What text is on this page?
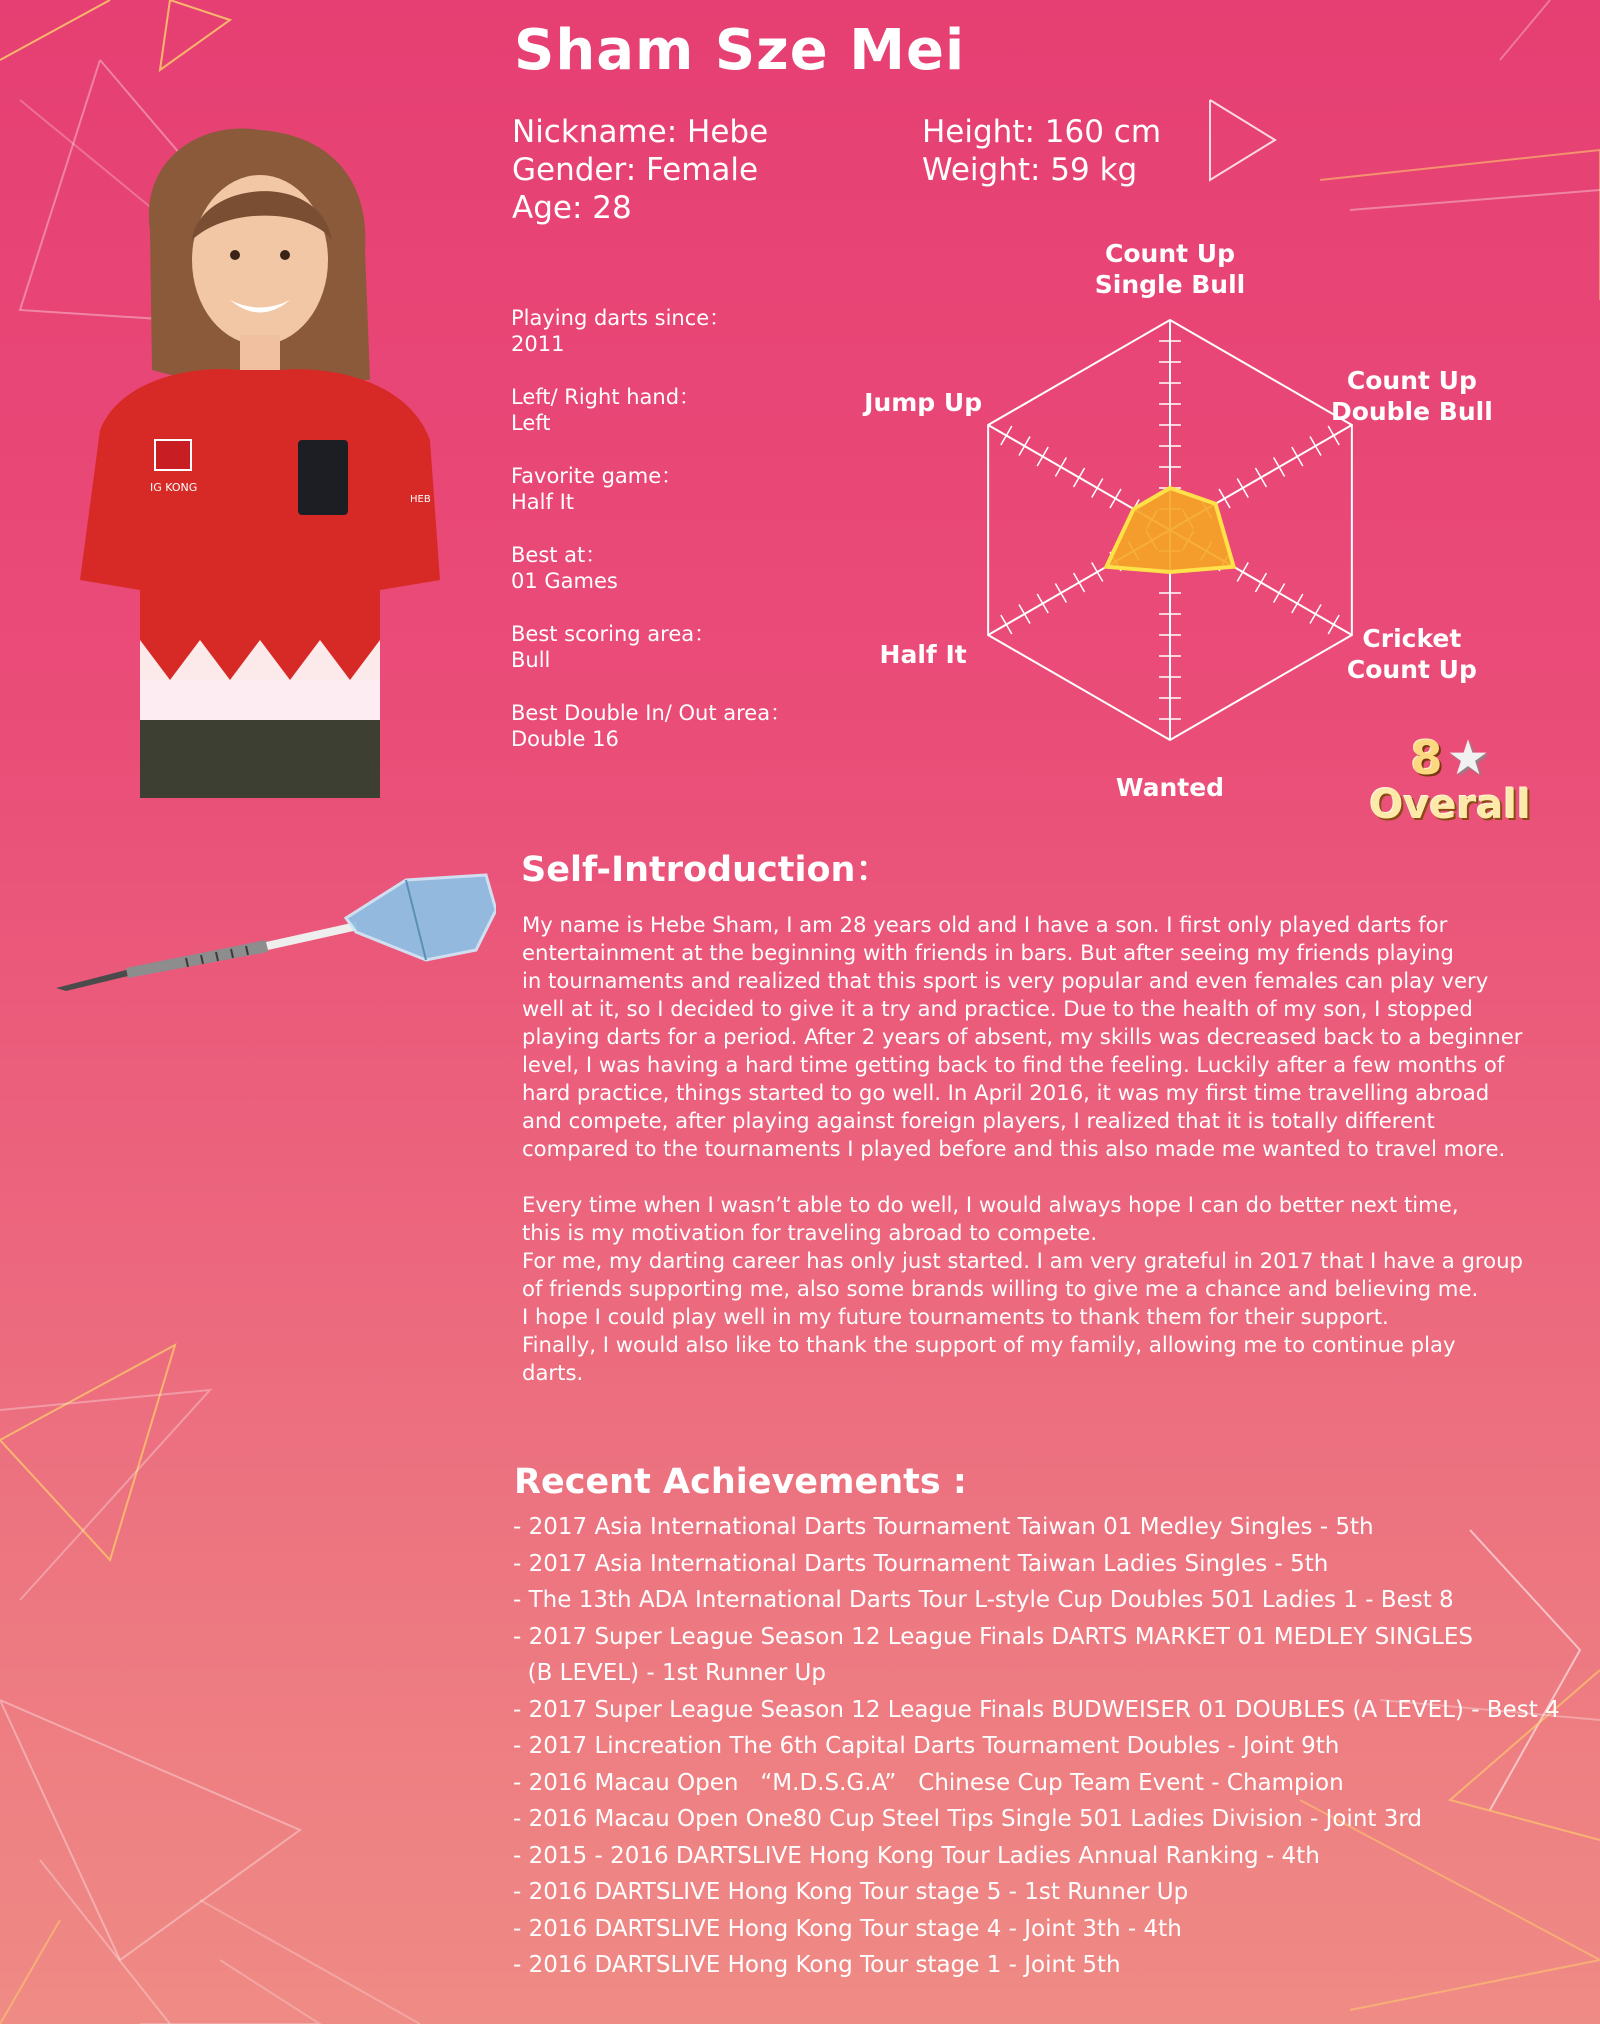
Sham Sze Mei
Nickname: Hebe
Gender: Female
Age: 28
Height: 160 cm
Weight: 59 kg
IG KONG
HEB
Playing darts since：
2011
Left/ Right hand：
Left
Favorite game：
Half It
Best at：
01 Games
Best scoring area：
Bull
Best Double In/ Out area：
Double 16
Count Up Single Bull
Count Up Double Bull
Cricket Count Up
Wanted
Half It
Jump Up
8★
Overall
Self-Introduction：

My name is Hebe Sham, I am 28 years old and I have a son. I first only played darts for
entertainment at the beginning with friends in bars. But after seeing my friends playing
in tournaments and realized that this sport is very popular and even females can play very
well at it, so I decided to give it a try and practice. Due to the health of my son, I stopped
playing darts for a period. After 2 years of absent, my skills was decreased back to a beginner
level, I was having a hard time getting back to find the feeling. Luckily after a few months of
hard practice, things started to go well. In April 2016, it was my first time travelling abroad
and compete, after playing against foreign players, I realized that it is totally different
compared to the tournaments I played before and this also made me wanted to travel more.

Every time when I wasn’t able to do well, I would always hope I can do better next time,
this is my motivation for traveling abroad to compete.
For me, my darting career has only just started. I am very grateful in 2017 that I have a group
of friends supporting me, also some brands willing to give me a chance and believing me.
I hope I could play well in my future tournaments to thank them for their support.
Finally, I would also like to thank the support of my family, allowing me to continue play
darts.

Recent Achievements :
- 2017 Asia International Darts Tournament Taiwan 01 Medley Singles - 5th
- 2017 Asia International Darts Tournament Taiwan Ladies Singles - 5th
- The 13th ADA International Darts Tour L-style Cup Doubles 501 Ladies 1 - Best 8
- 2017 Super League Season 12 League Finals DARTS MARKET 01 MEDLEY SINGLES
(B LEVEL) - 1st Runner Up
- 2017 Super League Season 12 League Finals BUDWEISER 01 DOUBLES (A LEVEL) - Best 4
- 2017 Lincreation The 6th Capital Darts Tournament Doubles - Joint 9th
- 2016 Macau Open   “M.D.S.G.A”   Chinese Cup Team Event - Champion
- 2016 Macau Open One80 Cup Steel Tips Single 501 Ladies Division - Joint 3rd
- 2015 - 2016 DARTSLIVE Hong Kong Tour Ladies Annual Ranking - 4th
- 2016 DARTSLIVE Hong Kong Tour stage 5 - 1st Runner Up
- 2016 DARTSLIVE Hong Kong Tour stage 4 - Joint 3th - 4th
- 2016 DARTSLIVE Hong Kong Tour stage 1 - Joint 5th
